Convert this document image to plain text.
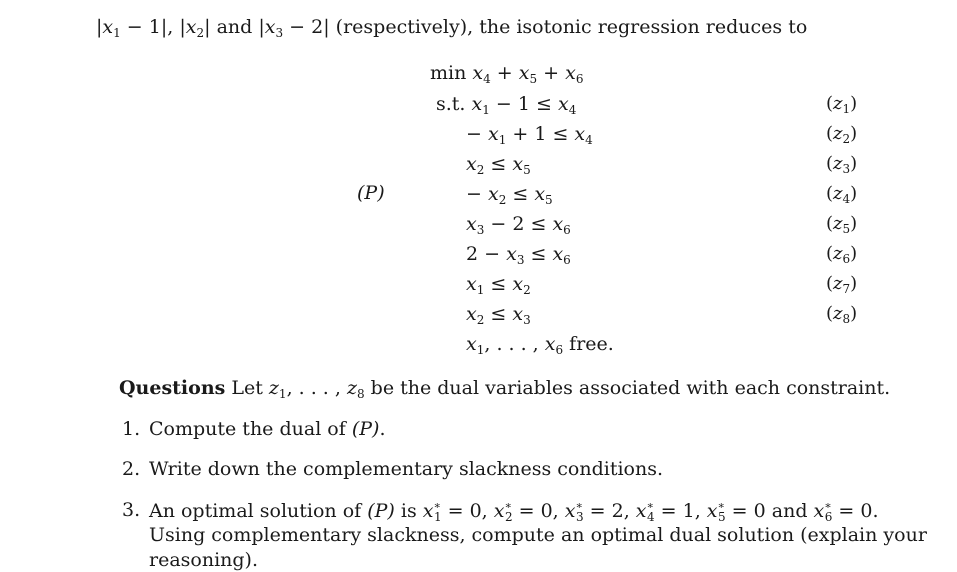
$|x_1 - 1|$, $|x_2|$ and $|x_3 - 2|$ (respectively), the isotonic regression reduces to
(P)
$\min x_4 + x_5 + x_6$
s.t. $x_1 - 1 \le x_4$	$(z_1)$
− $x_1 + 1 \le x_4$	$(z_2)$
$x_2 \le x_5$	$(z_3)$
− $x_2 \le x_5$	$(z_4)$
$x_3 - 2 \le x_6$	$(z_5)$
$2 - x_3 \le x_6$	$(z_6)$
$x_1 \le x_2$	$(z_7)$
$x_2 \le x_3$	$(z_8)$
$x_1$, . . . , $x_6$ free.
Questions Let $z_1$, . . . , $z_8$ be the dual variables associated with each constraint.
1. Compute the dual of (P).
2. Write down the complementary slackness conditions.
3. An optimal solution of (P) is $x^∗_1 = 0$, $x^∗_2 = 0$, $x^∗_3 = 2$, $x^∗_4 = 1$, $x^∗_5 = 0$ and $x^∗_6 = 0$.
Using complementary slackness, compute an optimal dual solution (explain your
reasoning).
